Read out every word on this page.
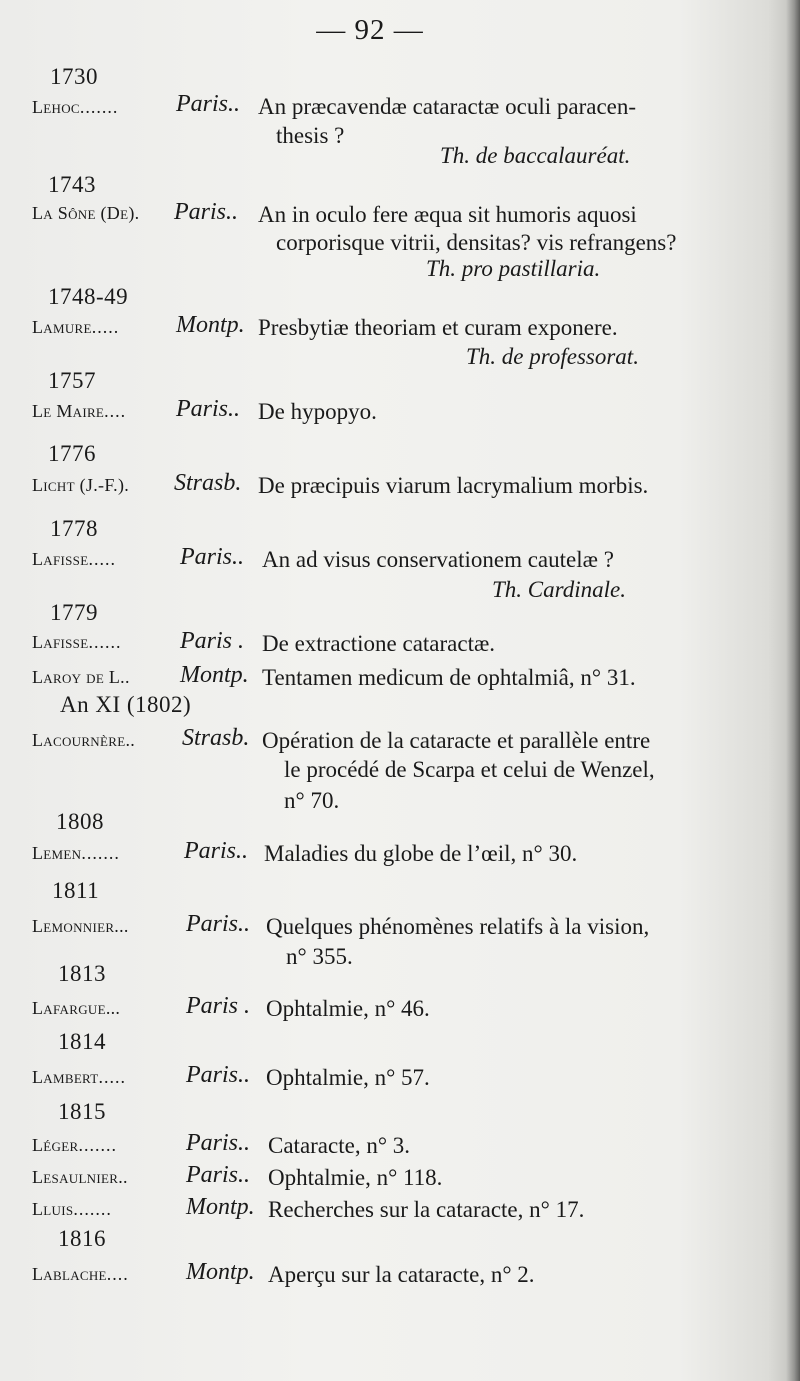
— 92 —
1730
Lehoc....... Paris.. An præcavendæ cataractæ oculi paracen-
thesis ?
Th. de baccalauréat.
1743
La Sône (De). Paris.. An in oculo fere æqua sit humoris aquosi
corporisque vitrii, densitas? vis refrangens?
Th. pro pastillaria.
1748-49
Lamure..... Montp. Presbytiæ theoriam et curam exponere.
Th. de professorat.
1757
Le Maire.... Paris.. De hypopyo.
1776
Licht (J.-F.). Strasb. De præcipuis viarum lacrymalium morbis.
1778
Lafisse.....	Paris.. An ad visus conservationem cautelæ ?
Th. Cardinale.
1779
Lafisse...... Paris . De extractione cataractæ.
Laroy de L.. Montp. Tentamen medicum de ophtalmiâ, n° 31.
An XI (1802)
Lacournère.. Strasb. Opération de la cataracte et parallèle entre
le procédé de Scarpa et celui de Wenzel,
n° 70.
1808
Lemen.......	Paris.. Maladies du globe de l’œil, n° 30.
1811
Lemonnier... Paris.. Quelques phénomènes relatifs à la vision,
n° 355.
1813
Lafargue...	Paris . Ophtalmie, n° 46.
1814
Lambert.....	Paris.. Ophtalmie, n° 57.
1815
Léger.......	Paris.. Cataracte, n° 3.
Lesaulnier.. Paris.. Ophtalmie, n° 118.
Lluis.......	Montp. Recherches sur la cataracte, n° 17.
1816
Lablache.... Montp. Aperçu sur la cataracte, n° 2.
